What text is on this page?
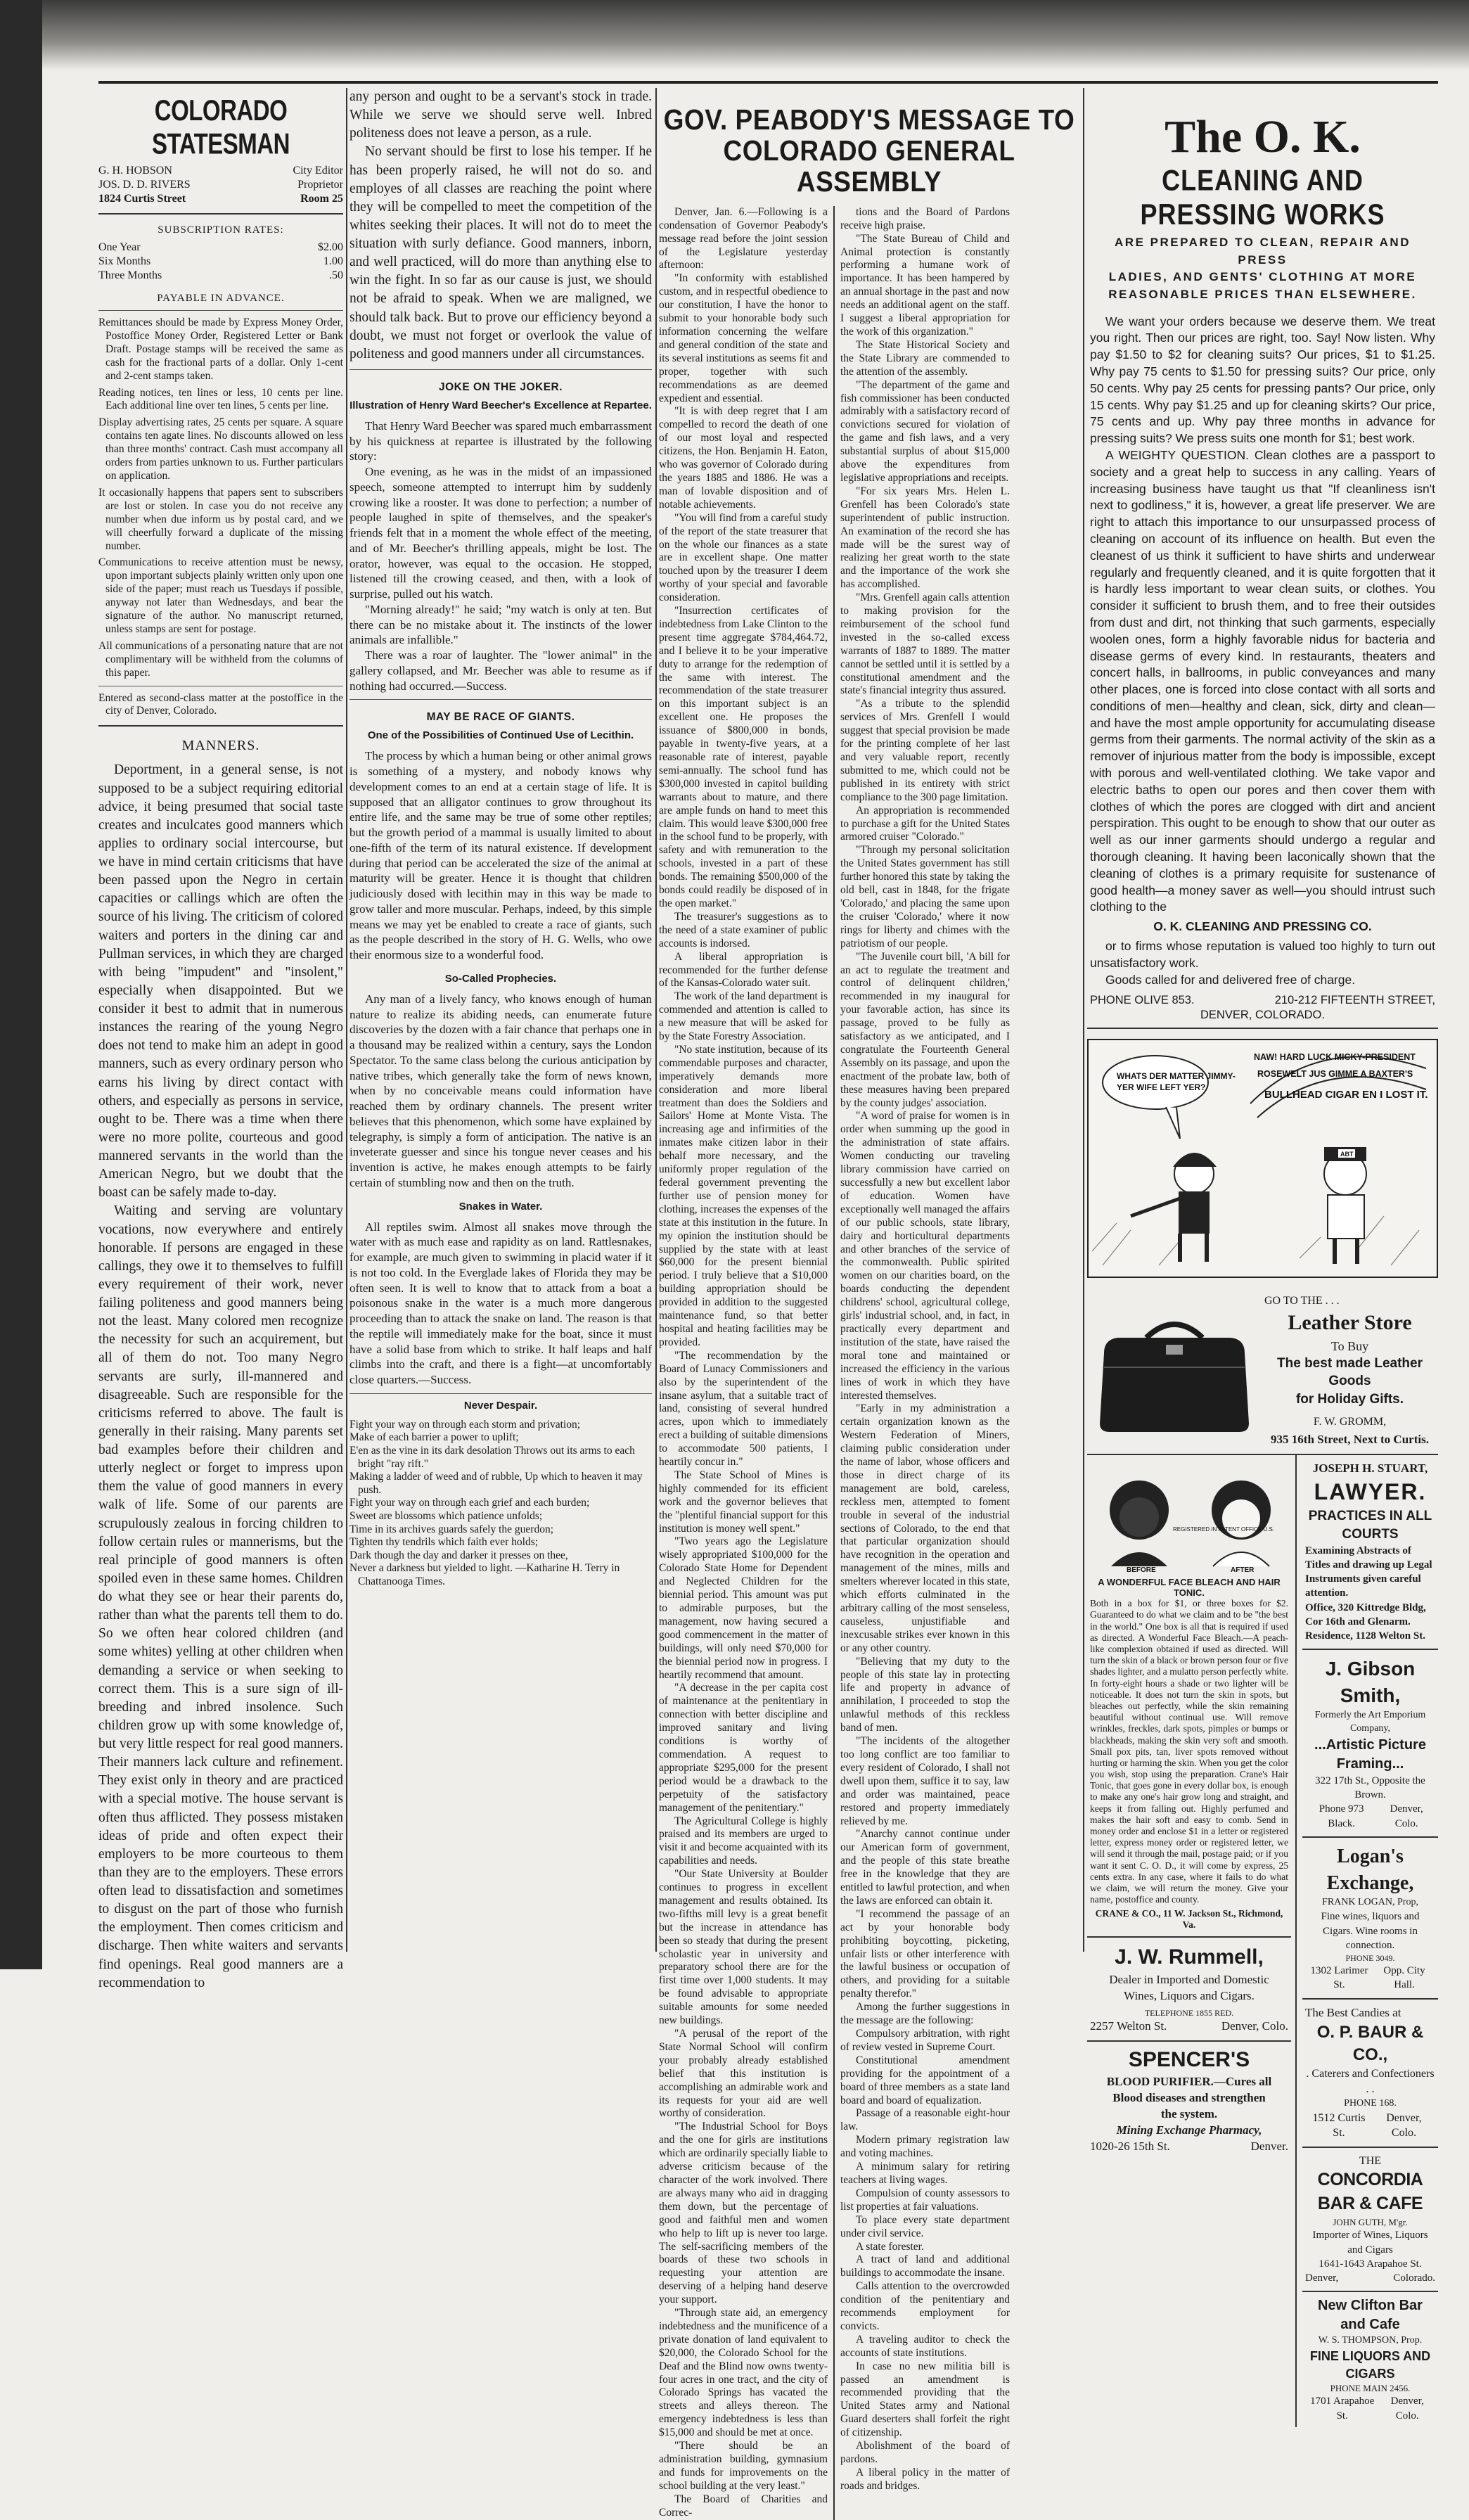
COLORADO STATESMAN
G. H. HOBSON	City Editor
JOS. D. D. RIVERS	Proprietor
1824 Curtis Street	Room 25
SUBSCRIPTION RATES:
One Year	$2.00
Six Months	1.00
Three Months	.50
PAYABLE IN ADVANCE.

Remittances should be made by Express Money Order, Postoffice Money Order, Registered Letter or Bank Draft. Postage stamps will be received the same as cash for the fractional parts of a dollar. Only 1-cent and 2-cent stamps taken.

Reading notices, ten lines or less, 10 cents per line. Each additional line over ten lines, 5 cents per line.

Display advertising rates, 25 cents per square. A square contains ten agate lines. No discounts allowed on less than three months' contract. Cash must accompany all orders from parties unknown to us. Further particulars on application.

It occasionally happens that papers sent to subscribers are lost or stolen. In case you do not receive any number when due inform us by postal card, and we will cheerfully forward a duplicate of the missing number.

Communications to receive attention must be newsy, upon important subjects plainly written only upon one side of the paper; must reach us Tuesdays if possible, anyway not later than Wednesdays, and bear the signature of the author. No manuscript returned, unless stamps are sent for postage.

All communications of a personating nature that are not complimentary will be withheld from the columns of this paper.

Entered as second-class matter at the postoffice in the city of Denver, Colorado.

MANNERS.

Deportment, in a general sense, is not supposed to be a subject requiring editorial advice, it being presumed that social taste creates and inculcates good manners which applies to ordinary social intercourse, but we have in mind certain criticisms that have been passed upon the Negro in certain capacities or callings which are often the source of his living. The criticism of colored waiters and porters in the dining car and Pullman services, in which they are charged with being "impudent" and "insolent," especially when disappointed. But we consider it best to admit that in numerous instances the rearing of the young Negro does not tend to make him an adept in good manners, such as every ordinary person who earns his living by direct contact with others, and especially as persons in service, ought to be. There was a time when there were no more polite, courteous and good mannered servants in the world than the American Negro, but we doubt that the boast can be safely made to-day.

Waiting and serving are voluntary vocations, now everywhere and entirely honorable. If persons are engaged in these callings, they owe it to themselves to fulfill every requirement of their work, never failing politeness and good manners being not the least. Many colored men recognize the necessity for such an acquirement, but all of them do not. Too many Negro servants are surly, ill-mannered and disagreeable. Such are responsible for the criticisms referred to above. The fault is generally in their raising. Many parents set bad examples before their children and utterly neglect or forget to impress upon them the value of good manners in every walk of life. Some of our parents are scrupulously zealous in forcing children to follow certain rules or mannerisms, but the real principle of good manners is often spoiled even in these same homes. Children do what they see or hear their parents do, rather than what the parents tell them to do. So we often hear colored children (and some whites) yelling at other children when demanding a service or when seeking to correct them. This is a sure sign of ill-breeding and inbred insolence. Such children grow up with some knowledge of, but very little respect for real good manners. Their manners lack culture and refinement. They exist only in theory and are practiced with a special motive. The house servant is often thus afflicted. They possess mistaken ideas of pride and often expect their employers to be more courteous to them than they are to the employers. These errors often lead to dissatisfaction and sometimes to disgust on the part of those who furnish the employment. Then comes criticism and discharge. Then white waiters and servants find openings. Real good manners are a recommendation to

any person and ought to be a servant's stock in trade. While we serve we should serve well. Inbred politeness does not leave a person, as a rule.

No servant should be first to lose his temper. If he has been properly raised, he will not do so. and employes of all classes are reaching the point where they will be compelled to meet the competition of the whites seeking their places. It will not do to meet the situation with surly defiance. Good manners, inborn, and well practiced, will do more than anything else to win the fight. In so far as our cause is just, we should not be afraid to speak. When we are maligned, we should talk back. But to prove our efficiency beyond a doubt, we must not forget or overlook the value of politeness and good manners under all circumstances.

JOKE ON THE JOKER.
Illustration of Henry Ward Beecher's Excellence at Repartee.

That Henry Ward Beecher was spared much embarrassment by his quickness at repartee is illustrated by the following story:

One evening, as he was in the midst of an impassioned speech, someone attempted to interrupt him by suddenly crowing like a rooster. It was done to perfection; a number of people laughed in spite of themselves, and the speaker's friends felt that in a moment the whole effect of the meeting, and of Mr. Beecher's thrilling appeals, might be lost. The orator, however, was equal to the occasion. He stopped, listened till the crowing ceased, and then, with a look of surprise, pulled out his watch.

"Morning already!" he said; "my watch is only at ten. But there can be no mistake about it. The instincts of the lower animals are infallible."

There was a roar of laughter. The "lower animal" in the gallery collapsed, and Mr. Beecher was able to resume as if nothing had occurred.—Success.

MAY BE RACE OF GIANTS.
One of the Possibilities of Continued Use of Lecithin.

The process by which a human being or other animal grows is something of a mystery, and nobody knows why development comes to an end at a certain stage of life. It is supposed that an alligator continues to grow throughout its entire life, and the same may be true of some other reptiles; but the growth period of a mammal is usually limited to about one-fifth of the term of its natural existence. If development during that period can be accelerated the size of the animal at maturity will be greater. Hence it is thought that children judiciously dosed with lecithin may in this way be made to grow taller and more muscular. Perhaps, indeed, by this simple means we may yet be enabled to create a race of giants, such as the people described in the story of H. G. Wells, who owe their enormous size to a wonderful food.

So-Called Prophecies.

Any man of a lively fancy, who knows enough of human nature to realize its abiding needs, can enumerate future discoveries by the dozen with a fair chance that perhaps one in a thousand may be realized within a century, says the London Spectator. To the same class belong the curious anticipation by native tribes, which generally take the form of news known, when by no conceivable means could information have reached them by ordinary channels. The present writer believes that this phenomenon, which some have explained by telegraphy, is simply a form of anticipation. The native is an inveterate guesser and since his tongue never ceases and his invention is active, he makes enough attempts to be fairly certain of stumbling now and then on the truth.

Snakes in Water.

All reptiles swim. Almost all snakes move through the water with as much ease and rapidity as on land. Rattlesnakes, for example, are much given to swimming in placid water if it is not too cold. In the Everglade lakes of Florida they may be often seen. It is well to know that to attack from a boat a poisonous snake in the water is a much more dangerous proceeding than to attack the snake on land. The reason is that the reptile will immediately make for the boat, since it must have a solid base from which to strike. It half leaps and half climbs into the craft, and there is a fight—at uncomfortably close quarters.—Success.

Never Despair.

Fight your way on through each storm and privation;

Make of each barrier a power to uplift;

E'en as the vine in its dark desolation Throws out its arms to each bright "ray rift."

Making a ladder of weed and of rubble, Up which to heaven it may push.

Fight your way on through each grief and each burden;

Sweet are blossoms which patience unfolds;

Time in its archives guards safely the guerdon;

Tighten thy tendrils which faith ever holds;

Dark though the day and darker it presses on thee,

Never a darkness but yielded to light. —Katharine H. Terry in Chattanooga Times.

GOV. PEABODY'S MESSAGE TO
COLORADO GENERAL ASSEMBLY

Denver, Jan. 6.—Following is a condensation of Governor Peabody's message read before the joint session of the Legislature yesterday afternoon:

"In conformity with established custom, and in respectful obedience to our constitution, I have the honor to submit to your honorable body such information concerning the welfare and general condition of the state and its several institutions as seems fit and proper, together with such recommendations as are deemed expedient and essential.

"It is with deep regret that I am compelled to record the death of one of our most loyal and respected citizens, the Hon. Benjamin H. Eaton, who was governor of Colorado during the years 1885 and 1886. He was a man of lovable disposition and of notable achievements.

"You will find from a careful study of the report of the state treasurer that on the whole our finances as a state are in excellent shape. One matter touched upon by the treasurer I deem worthy of your special and favorable consideration.

"Insurrection certificates of indebtedness from Lake Clinton to the present time aggregate $784,464.72, and I believe it to be your imperative duty to arrange for the redemption of the same with interest. The recommendation of the state treasurer on this important subject is an excellent one. He proposes the issuance of $800,000 in bonds, payable in twenty-five years, at a reasonable rate of interest, payable semi-annually. The school fund has $300,000 invested in capitol building warrants about to mature, and there are ample funds on hand to meet this claim. This would leave $300,000 free in the school fund to be properly, with safety and with remuneration to the schools, invested in a part of these bonds. The remaining $500,000 of the bonds could readily be disposed of in the open market."

The treasurer's suggestions as to the need of a state examiner of public accounts is indorsed.

A liberal appropriation is recommended for the further defense of the Kansas-Colorado water suit.

The work of the land department is commended and attention is called to a new measure that will be asked for by the State Forestry Association.

"No state institution, because of its commendable purposes and character, imperatively demands more consideration and more liberal treatment than does the Soldiers and Sailors' Home at Monte Vista. The increasing age and infirmities of the inmates make citizen labor in their behalf more necessary, and the uniformly proper regulation of the federal government preventing the further use of pension money for clothing, increases the expenses of the state at this institution in the future. In my opinion the institution should be supplied by the state with at least $60,000 for the present biennial period. I truly believe that a $10,000 building appropriation should be provided in addition to the suggested maintenance fund, so that better hospital and heating facilities may be provided.

"The recommendation by the Board of Lunacy Commissioners and also by the superintendent of the insane asylum, that a suitable tract of land, consisting of several hundred acres, upon which to immediately erect a building of suitable dimensions to accommodate 500 patients, I heartily concur in."

The State School of Mines is highly commended for its efficient work and the governor believes that the "plentiful financial support for this institution is money well spent."

"Two years ago the Legislature wisely appropriated $100,000 for the Colorado State Home for Dependent and Neglected Children for the biennial period. This amount was put to admirable purposes, but the management, now having secured a good commencement in the matter of buildings, will only need $70,000 for the biennial period now in progress. I heartily recommend that amount.

"A decrease in the per capita cost of maintenance at the penitentiary in connection with better discipline and improved sanitary and living conditions is worthy of commendation. A request to appropriate $295,000 for the present period would be a drawback to the perpetuity of the satisfactory management of the penitentiary."

The Agricultural College is highly praised and its members are urged to visit it and become acquainted with its capabilities and needs.

"Our State University at Boulder continues to progress in excellent management and results obtained. Its two-fifths mill levy is a great benefit but the increase in attendance has been so steady that during the present scholastic year in university and preparatory school there are for the first time over 1,000 students. It may be found advisable to appropriate suitable amounts for some needed new buildings.

"A perusal of the report of the State Normal School will confirm your probably already established belief that this institution is accomplishing an admirable work and its requests for your aid are well worthy of consideration.

"The Industrial School for Boys and the one for girls are institutions which are ordinarily specially liable to adverse criticism because of the character of the work involved. There are always many who aid in dragging them down, but the percentage of good and faithful men and women who help to lift up is never too large. The self-sacrificing members of the boards of these two schools in requesting your attention are deserving of a helping hand deserve your support.

"Through state aid, an emergency indebtedness and the munificence of a private donation of land equivalent to $20,000, the Colorado School for the Deaf and the Blind now owns twenty-four acres in one tract, and the city of Colorado Springs has vacated the streets and alleys thereon. The emergency indebtedness is less than $15,000 and should be met at once.

"There should be an administration building, gymnasium and funds for improvements on the school building at the very least."

The Board of Charities and Correc-

tions and the Board of Pardons receive high praise.

"The State Bureau of Child and Animal protection is constantly performing a humane work of importance. It has been hampered by an annual shortage in the past and now needs an additional agent on the staff. I suggest a liberal appropriation for the work of this organization."

The State Historical Society and the State Library are commended to the attention of the assembly.

"The department of the game and fish commissioner has been conducted admirably with a satisfactory record of convictions secured for violation of the game and fish laws, and a very substantial surplus of about $15,000 above the expenditures from legislative appropriations and receipts.

"For six years Mrs. Helen L. Grenfell has been Colorado's state superintendent of public instruction. An examination of the record she has made will be the surest way of realizing her great worth to the state and the importance of the work she has accomplished.

"Mrs. Grenfell again calls attention to making provision for the reimbursement of the school fund invested in the so-called excess warrants of 1887 to 1889. The matter cannot be settled until it is settled by a constitutional amendment and the state's financial integrity thus assured.

"As a tribute to the splendid services of Mrs. Grenfell I would suggest that special provision be made for the printing complete of her last and very valuable report, recently submitted to me, which could not be published in its entirety with strict compliance to the 300 page limitation.

An appropriation is recommended to purchase a gift for the United States armored cruiser "Colorado."

"Through my personal solicitation the United States government has still further honored this state by taking the old bell, cast in 1848, for the frigate 'Colorado,' and placing the same upon the cruiser 'Colorado,' where it now rings for liberty and chimes with the patriotism of our people.

"The Juvenile court bill, 'A bill for an act to regulate the treatment and control of delinquent children,' recommended in my inaugural for your favorable action, has since its passage, proved to be fully as satisfactory as we anticipated, and I congratulate the Fourteenth General Assembly on its passage, and upon the enactment of the probate law, both of these measures having been prepared by the county judges' association.

"A word of praise for women is in order when summing up the good in the administration of state affairs. Women conducting our traveling library commission have carried on successfully a new but excellent labor of education. Women have exceptionally well managed the affairs of our public schools, state library, dairy and horticultural departments and other branches of the service of the commonwealth. Public spirited women on our charities board, on the boards conducting the dependent childrens' school, agricultural college, girls' industrial school, and, in fact, in practically every department and institution of the state, have raised the moral tone and maintained or increased the efficiency in the various lines of work in which they have interested themselves.

"Early in my administration a certain organization known as the Western Federation of Miners, claiming public consideration under the name of labor, whose officers and those in direct charge of its management are bold, careless, reckless men, attempted to foment trouble in several of the industrial sections of Colorado, to the end that that particular organization should have recognition in the operation and management of the mines, mills and smelters wherever located in this state, which efforts culminated in the arbitrary calling of the most senseless, causeless, unjustifiable and inexcusable strikes ever known in this or any other country.

"Believing that my duty to the people of this state lay in protecting life and property in advance of annihilation, I proceeded to stop the unlawful methods of this reckless band of men.

"The incidents of the altogether too long conflict are too familiar to every resident of Colorado, I shall not dwell upon them, suffice it to say, law and order was maintained, peace restored and property immediately relieved by me.

"Anarchy cannot continue under our American form of government, and the people of this state breathe free in the knowledge that they are entitled to lawful protection, and when the laws are enforced can obtain it.

"I recommend the passage of an act by your honorable body prohibiting boycotting, picketing, unfair lists or other interference with the lawful business or occupation of others, and providing for a suitable penalty therefor."

Among the further suggestions in the message are the following:

Compulsory arbitration, with right of review vested in Supreme Court.

Constitutional amendment providing for the appointment of a board of three members as a state land board and board of equalization.

Passage of a reasonable eight-hour law.

Modern primary registration law and voting machines.

A minimum salary for retiring teachers at living wages.

Compulsion of county assessors to list properties at fair valuations.

To place every state department under civil service.

A state forester.

A tract of land and additional buildings to accommodate the insane.

Calls attention to the overcrowded condition of the penitentiary and recommends employment for convicts.

A traveling auditor to check the accounts of state institutions.

In case no new militia bill is passed an amendment is recommended providing that the United States army and National Guard deserters shall forfeit the right of citizenship.

Abolishment of the board of pardons.

A liberal policy in the matter of roads and bridges.

The O. K.
CLEANING AND PRESSING WORKS
ARE PREPARED TO CLEAN, REPAIR AND PRESS
LADIES, AND GENTS' CLOTHING AT MORE
REASONABLE PRICES THAN ELSEWHERE.

We want your orders because we deserve them. We treat you right. Then our prices are right, too. Say! Now listen. Why pay $1.50 to $2 for cleaning suits? Our prices, $1 to $1.25. Why pay 75 cents to $1.50 for pressing suits? Our price, only 50 cents. Why pay 25 cents for pressing pants? Our price, only 15 cents. Why pay $1.25 and up for cleaning skirts? Our price, 75 cents and up. Why pay three months in advance for pressing suits? We press suits one month for $1; best work.

A WEIGHTY QUESTION. Clean clothes are a passport to society and a great help to success in any calling. Years of increasing business have taught us that "If cleanliness isn't next to godliness," it is, however, a great life preserver. We are right to attach this importance to our unsurpassed process of cleaning on account of its influence on health. But even the cleanest of us think it sufficient to have shirts and underwear regularly and frequently cleaned, and it is quite forgotten that it is hardly less important to wear clean suits, or clothes. You consider it sufficient to brush them, and to free their outsides from dust and dirt, not thinking that such garments, especially woolen ones, form a highly favorable nidus for bacteria and disease germs of every kind. In restaurants, theaters and concert halls, in ballrooms, in public conveyances and many other places, one is forced into close contact with all sorts and conditions of men—healthy and clean, sick, dirty and clean—and have the most ample opportunity for accumulating disease germs from their garments. The normal activity of the skin as a remover of injurious matter from the body is impossible, except with porous and well-ventilated clothing. We take vapor and electric baths to open our pores and then cover them with clothes of which the pores are clogged with dirt and ancient perspiration. This ought to be enough to show that our outer as well as our inner garments should undergo a regular and thorough cleaning. It having been laconically shown that the cleaning of clothes is a primary requisite for sustenance of good health—a money saver as well—you should intrust such clothing to the

O. K. CLEANING AND PRESSING CO.

or to firms whose reputation is valued too highly to turn out unsatisfactory work.

Goods called for and delivered free of charge.

PHONE OLIVE 853.	210-212 FIFTEENTH STREET,
DENVER, COLORADO.
WHATS DER MATTER JIMMY- YER WIFE LEFT YER?
NAW! HARD LUCK MICKY-PRESIDENT ROSEWELT JUS GIMME A BAXTER'S BULLHEAD CIGAR EN I LOST IT.
ABT
GO TO THE . . .
Leather Store
To Buy
The best made Leather Goods
for Holiday Gifts.
F. W. GROMM,
935 16th Street, Next to Curtis.
REGISTERED IN PATENT OFFICE U.S.
BEFORE	AFTER
A WONDERFUL FACE BLEACH AND HAIR TONIC.

Both in a box for $1, or three boxes for $2. Guaranteed to do what we claim and to be "the best in the world." One box is all that is required if used as directed. A Wonderful Face Bleach.—A peach-like complexion obtained if used as directed. Will turn the skin of a black or brown person four or five shades lighter, and a mulatto person perfectly white. In forty-eight hours a shade or two lighter will be noticeable. It does not turn the skin in spots, but bleaches out perfectly, while the skin remaining beautiful without continual use. Will remove wrinkles, freckles, dark spots, pimples or bumps or blackheads, making the skin very soft and smooth. Small pox pits, tan, liver spots removed without hurting or harming the skin. When you get the color you wish, stop using the preparation. Crane's Hair Tonic, that goes gone in every dollar box, is enough to make any one's hair grow long and straight, and keeps it from falling out. Highly perfumed and makes the hair soft and easy to comb. Send in money order and enclose $1 in a letter or registered letter, express money order or registered letter, we will send it through the mail, postage paid; or if you want it sent C. O. D., it will come by express, 25 cents extra. In any case, where it fails to do what we claim, we will return the money. Give your name, postoffice and county.

CRANE & CO., 11 W. Jackson St., Richmond, Va.
J. W. Rummell,
Dealer in Imported and Domestic
Wines, Liquors and Cigars.
TELEPHONE 1855 RED.
2257 Welton St.	Denver, Colo.
SPENCER'S
BLOOD PURIFIER.—Cures all
Blood diseases and strengthen
the system.
Mining Exchange Pharmacy,
1020-26 15th St.	Denver.
JOSEPH H. STUART,
LAWYER.
PRACTICES IN ALL COURTS
Examining Abstracts of Titles and drawing up Legal Instruments given careful attention.
Office, 320 Kittredge Bldg, Cor 16th and Glenarm. Residence, 1128 Welton St.
J. Gibson Smith,
Formerly the Art Emporium Company,
...Artistic Picture Framing...
322 17th St., Opposite the Brown.
Phone 973 Black.
Denver, Colo.
Logan's Exchange,
FRANK LOGAN, Prop,
Fine wines, liquors and Cigars. Wine rooms in connection.
PHONE 3049.
1302 Larimer St.
Opp. City Hall.
The Best Candies at
O. P. BAUR & CO.,
. Caterers and Confectioners . .
PHONE 168.
1512 Curtis St.
Denver, Colo.
THE
CONCORDIA BAR & CAFE
JOHN GUTH, M'gr.
Importer of Wines, Liquors and Cigars
1641-1643 Arapahoe St.
Denver,	Colorado.
New Clifton Bar and Cafe
W. S. THOMPSON, Prop.
FINE LIQUORS AND CIGARS
PHONE MAIN 2456.
1701 Arapahoe St.
Denver, Colo.
